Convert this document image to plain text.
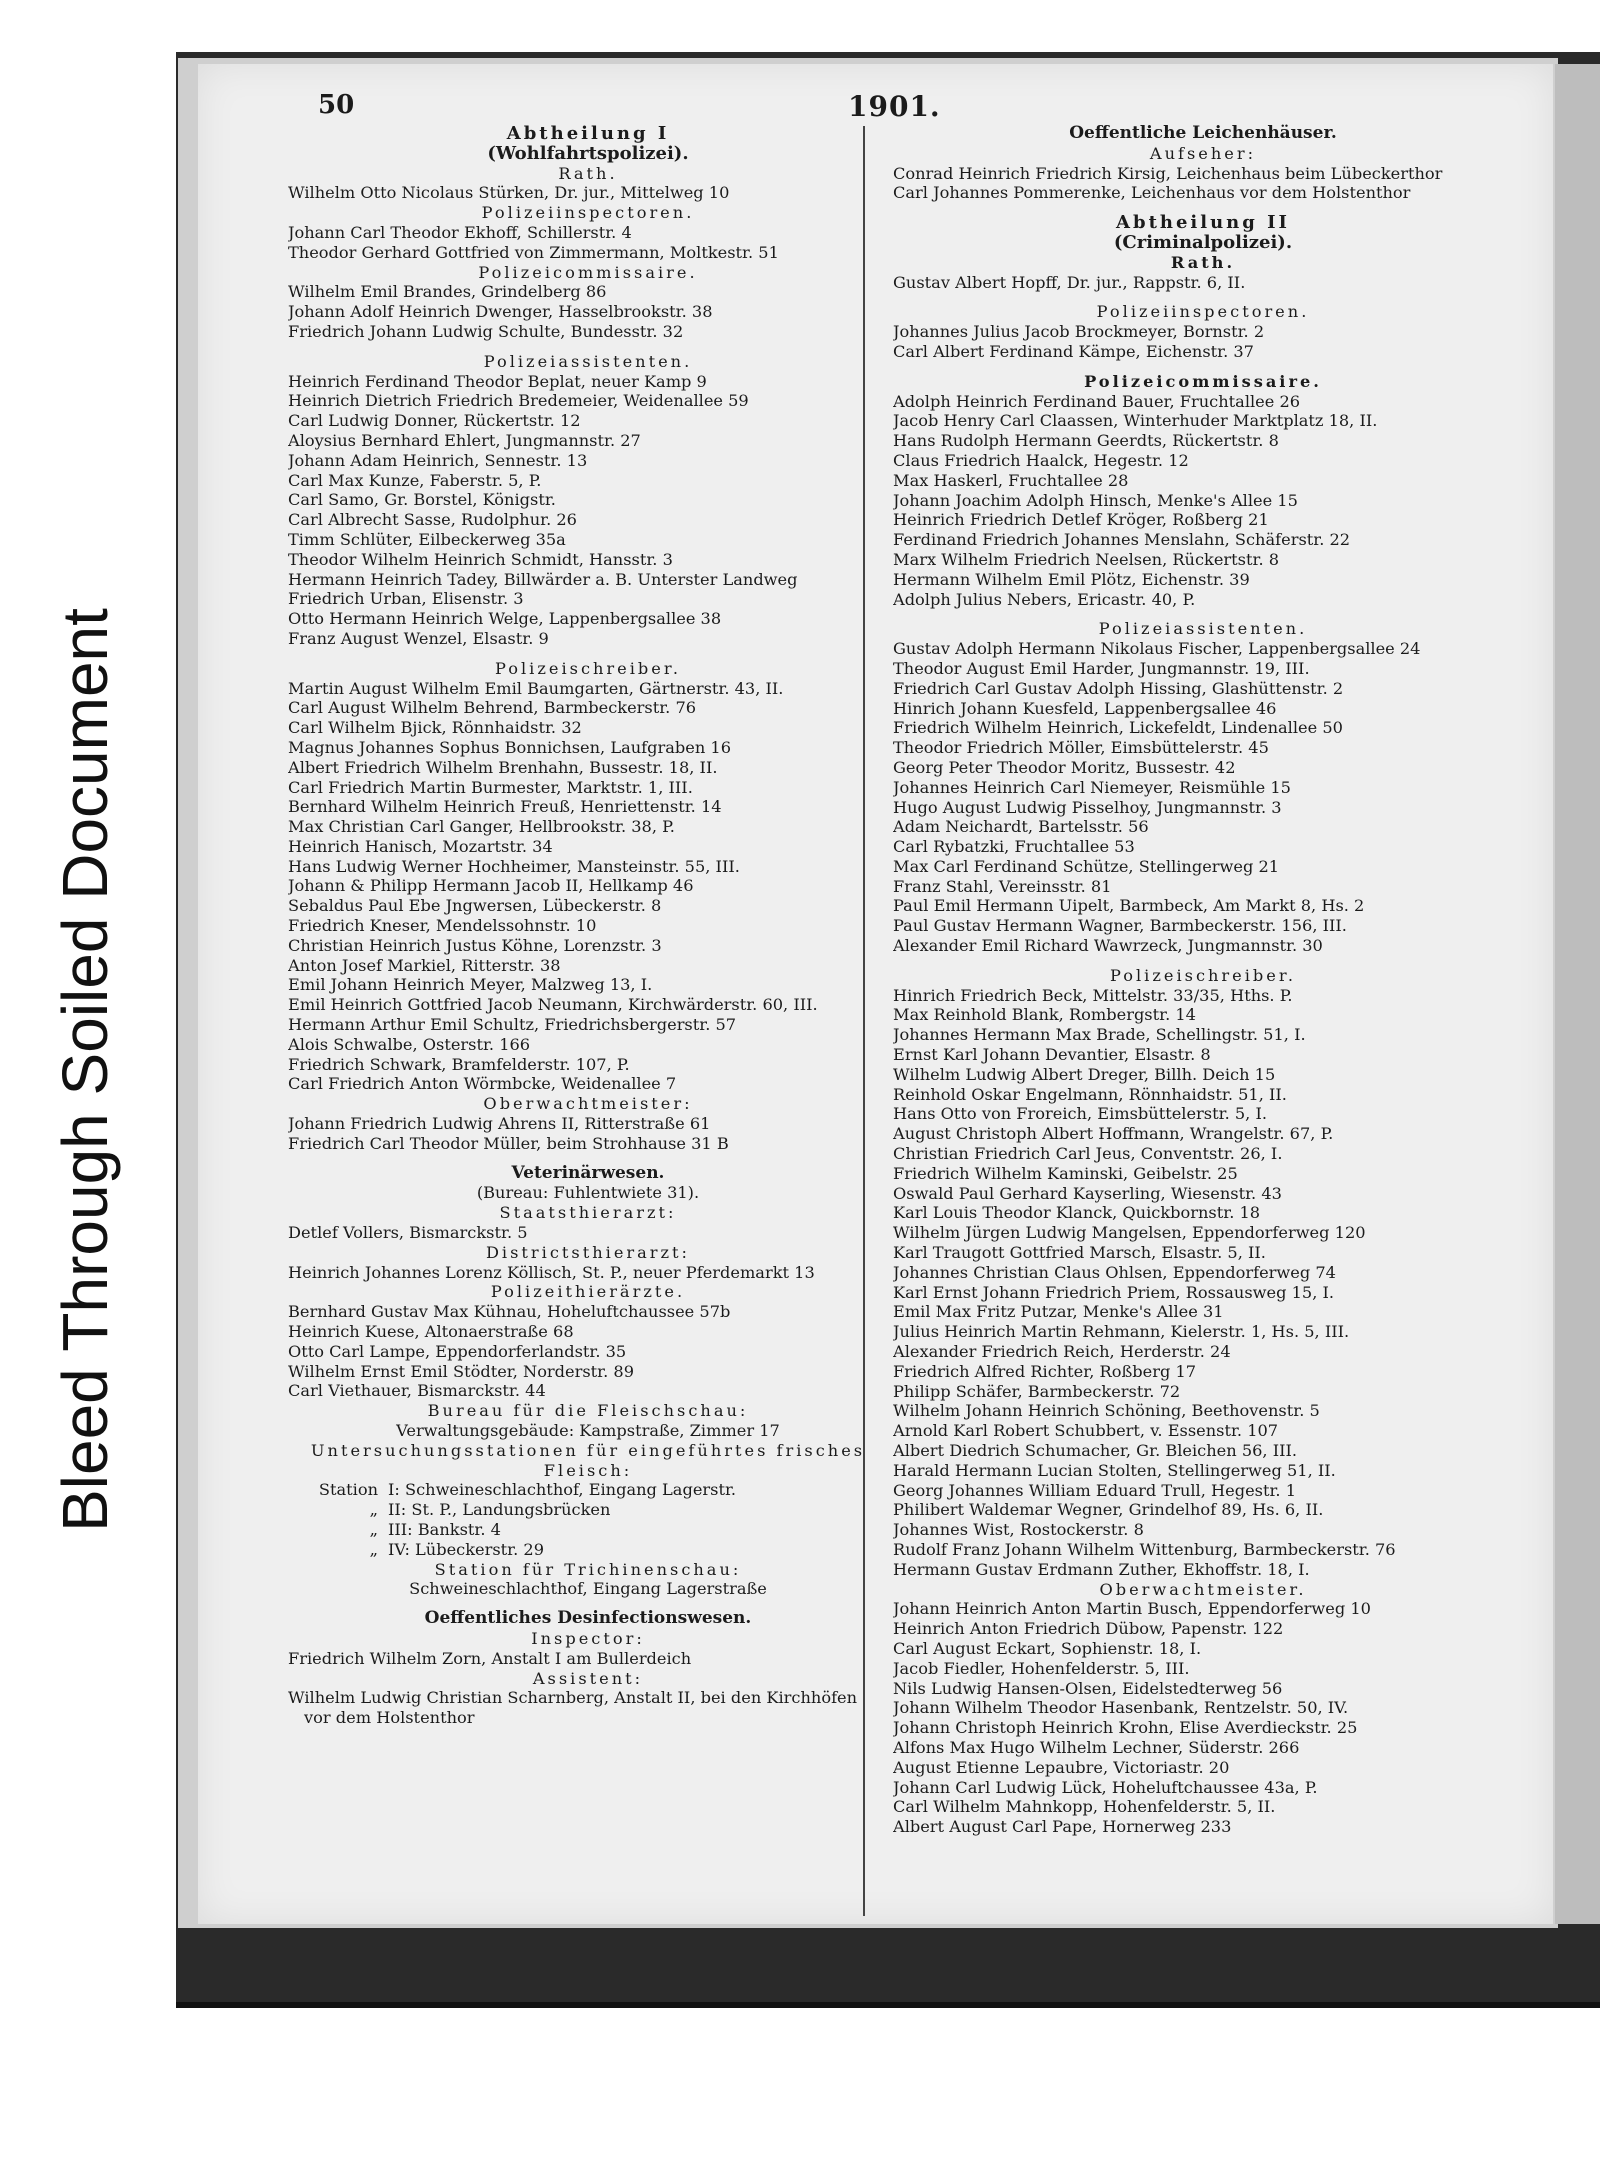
Bleed Through Soiled Document
50	1901.
Abtheilung I
(Wohlfahrtspolizei).
Rath.
Wilhelm Otto Nicolaus Stürken, Dr. jur., Mittelweg 10
Polizeiinspectoren.
Johann Carl Theodor Ekhoff, Schillerstr. 4
Theodor Gerhard Gottfried von Zimmermann, Moltkestr. 51
Polizeicommissaire.
Wilhelm Emil Brandes, Grindelberg 86
Johann Adolf Heinrich Dwenger, Hasselbrookstr. 38
Friedrich Johann Ludwig Schulte, Bundesstr. 32
Polizeiassistenten.
Heinrich Ferdinand Theodor Beplat, neuer Kamp 9
Heinrich Dietrich Friedrich Bredemeier, Weidenallee 59
Carl Ludwig Donner, Rückertstr. 12
Aloysius Bernhard Ehlert, Jungmannstr. 27
Johann Adam Heinrich, Sennestr. 13
Carl Max Kunze, Faberstr. 5, P.
Carl Samo, Gr. Borstel, Königstr.
Carl Albrecht Sasse, Rudolphur. 26
Timm Schlüter, Eilbeckerweg 35a
Theodor Wilhelm Heinrich Schmidt, Hansstr. 3
Hermann Heinrich Tadey, Billwärder a. B. Unterster Landweg
Friedrich Urban, Elisenstr. 3
Otto Hermann Heinrich Welge, Lappenbergsallee 38
Franz August Wenzel, Elsastr. 9
Polizeischreiber.
Martin August Wilhelm Emil Baumgarten, Gärtnerstr. 43, II.
Carl August Wilhelm Behrend, Barmbeckerstr. 76
Carl Wilhelm Bjick, Rönnhaidstr. 32
Magnus Johannes Sophus Bonnichsen, Laufgraben 16
Albert Friedrich Wilhelm Brenhahn, Bussestr. 18, II.
Carl Friedrich Martin Burmester, Marktstr. 1, III.
Bernhard Wilhelm Heinrich Freuß, Henriettenstr. 14
Max Christian Carl Ganger, Hellbrookstr. 38, P.
Heinrich Hanisch, Mozartstr. 34
Hans Ludwig Werner Hochheimer, Mansteinstr. 55, III.
Johann & Philipp Hermann Jacob II, Hellkamp 46
Sebaldus Paul Ebe Jngwersen, Lübeckerstr. 8
Friedrich Kneser, Mendelssohnstr. 10
Christian Heinrich Justus Köhne, Lorenzstr. 3
Anton Josef Markiel, Ritterstr. 38
Emil Johann Heinrich Meyer, Malzweg 13, I.
Emil Heinrich Gottfried Jacob Neumann, Kirchwärderstr. 60, III.
Hermann Arthur Emil Schultz, Friedrichsbergerstr. 57
Alois Schwalbe, Osterstr. 166
Friedrich Schwark, Bramfelderstr. 107, P.
Carl Friedrich Anton Wörmbcke, Weidenallee 7
Oberwachtmeister:
Johann Friedrich Ludwig Ahrens II, Ritterstraße 61
Friedrich Carl Theodor Müller, beim Strohhause 31 B
Veterinärwesen.
(Bureau: Fuhlentwiete 31).
Staatsthierarzt:
Detlef Vollers, Bismarckstr. 5
Districtsthierarzt:
Heinrich Johannes Lorenz Köllisch, St. P., neuer Pferdemarkt 13
Polizeithierärzte.
Bernhard Gustav Max Kühnau, Hoheluftchaussee 57b
Heinrich Kuese, Altonaerstraße 68
Otto Carl Lampe, Eppendorferlandstr. 35
Wilhelm Ernst Emil Stödter, Norderstr. 89
Carl Viethauer, Bismarckstr. 44
Bureau für die Fleischschau:
Verwaltungsgebäude: Kampstraße, Zimmer 17
Untersuchungsstationen für eingeführtes frisches
Fleisch:
Station I: Schweineschlachthof, Eingang Lagerstr.
„ II: St. P., Landungsbrücken
„ III: Bankstr. 4
„ IV: Lübeckerstr. 29
Station für Trichinenschau:
Schweineschlachthof, Eingang Lagerstraße
Oeffentliches Desinfectionswesen.
Inspector:
Friedrich Wilhelm Zorn, Anstalt I am Bullerdeich
Assistent:
Wilhelm Ludwig Christian Scharnberg, Anstalt II, bei den Kirchhöfen
vor dem Holstenthor
Oeffentliche Leichenhäuser.
Aufseher:
Conrad Heinrich Friedrich Kirsig, Leichenhaus beim Lübeckerthor
Carl Johannes Pommerenke, Leichenhaus vor dem Holstenthor
Abtheilung II
(Criminalpolizei).
Rath.
Gustav Albert Hopff, Dr. jur., Rappstr. 6, II.
Polizeiinspectoren.
Johannes Julius Jacob Brockmeyer, Bornstr. 2
Carl Albert Ferdinand Kämpe, Eichenstr. 37
Polizeicommissaire.
Adolph Heinrich Ferdinand Bauer, Fruchtallee 26
Jacob Henry Carl Claassen, Winterhuder Marktplatz 18, II.
Hans Rudolph Hermann Geerdts, Rückertstr. 8
Claus Friedrich Haalck, Hegestr. 12
Max Haskerl, Fruchtallee 28
Johann Joachim Adolph Hinsch, Menke's Allee 15
Heinrich Friedrich Detlef Kröger, Roßberg 21
Ferdinand Friedrich Johannes Menslahn, Schäferstr. 22
Marx Wilhelm Friedrich Neelsen, Rückertstr. 8
Hermann Wilhelm Emil Plötz, Eichenstr. 39
Adolph Julius Nebers, Ericastr. 40, P.
Polizeiassistenten.
Gustav Adolph Hermann Nikolaus Fischer, Lappenbergsallee 24
Theodor August Emil Harder, Jungmannstr. 19, III.
Friedrich Carl Gustav Adolph Hissing, Glashüttenstr. 2
Hinrich Johann Kuesfeld, Lappenbergsallee 46
Friedrich Wilhelm Heinrich, Lickefeldt, Lindenallee 50
Theodor Friedrich Möller, Eimsbüttelerstr. 45
Georg Peter Theodor Moritz, Bussestr. 42
Johannes Heinrich Carl Niemeyer, Reismühle 15
Hugo August Ludwig Pisselhoy, Jungmannstr. 3
Adam Neichardt, Bartelsstr. 56
Carl Rybatzki, Fruchtallee 53
Max Carl Ferdinand Schütze, Stellingerweg 21
Franz Stahl, Vereinsstr. 81
Paul Emil Hermann Uipelt, Barmbeck, Am Markt 8, Hs. 2
Paul Gustav Hermann Wagner, Barmbeckerstr. 156, III.
Alexander Emil Richard Wawrzeck, Jungmannstr. 30
Polizeischreiber.
Hinrich Friedrich Beck, Mittelstr. 33/35, Hths. P.
Max Reinhold Blank, Rombergstr. 14
Johannes Hermann Max Brade, Schellingstr. 51, I.
Ernst Karl Johann Devantier, Elsastr. 8
Wilhelm Ludwig Albert Dreger, Billh. Deich 15
Reinhold Oskar Engelmann, Rönnhaidstr. 51, II.
Hans Otto von Froreich, Eimsbüttelerstr. 5, I.
August Christoph Albert Hoffmann, Wrangelstr. 67, P.
Christian Friedrich Carl Jeus, Conventstr. 26, I.
Friedrich Wilhelm Kaminski, Geibelstr. 25
Oswald Paul Gerhard Kayserling, Wiesenstr. 43
Karl Louis Theodor Klanck, Quickbornstr. 18
Wilhelm Jürgen Ludwig Mangelsen, Eppendorferweg 120
Karl Traugott Gottfried Marsch, Elsastr. 5, II.
Johannes Christian Claus Ohlsen, Eppendorferweg 74
Karl Ernst Johann Friedrich Priem, Rossausweg 15, I.
Emil Max Fritz Putzar, Menke's Allee 31
Julius Heinrich Martin Rehmann, Kielerstr. 1, Hs. 5, III.
Alexander Friedrich Reich, Herderstr. 24
Friedrich Alfred Richter, Roßberg 17
Philipp Schäfer, Barmbeckerstr. 72
Wilhelm Johann Heinrich Schöning, Beethovenstr. 5
Arnold Karl Robert Schubbert, v. Essenstr. 107
Albert Diedrich Schumacher, Gr. Bleichen 56, III.
Harald Hermann Lucian Stolten, Stellingerweg 51, II.
Georg Johannes William Eduard Trull, Hegestr. 1
Philibert Waldemar Wegner, Grindelhof 89, Hs. 6, II.
Johannes Wist, Rostockerstr. 8
Rudolf Franz Johann Wilhelm Wittenburg, Barmbeckerstr. 76
Hermann Gustav Erdmann Zuther, Ekhoffstr. 18, I.
Oberwachtmeister.
Johann Heinrich Anton Martin Busch, Eppendorferweg 10
Heinrich Anton Friedrich Dübow, Papenstr. 122
Carl August Eckart, Sophienstr. 18, I.
Jacob Fiedler, Hohenfelderstr. 5, III.
Nils Ludwig Hansen-Olsen, Eidelstedterweg 56
Johann Wilhelm Theodor Hasenbank, Rentzelstr. 50, IV.
Johann Christoph Heinrich Krohn, Elise Averdieckstr. 25
Alfons Max Hugo Wilhelm Lechner, Süderstr. 266
August Etienne Lepaubre, Victoriastr. 20
Johann Carl Ludwig Lück, Hoheluftchaussee 43a, P.
Carl Wilhelm Mahnkopp, Hohenfelderstr. 5, II.
Albert August Carl Pape, Hornerweg 233
